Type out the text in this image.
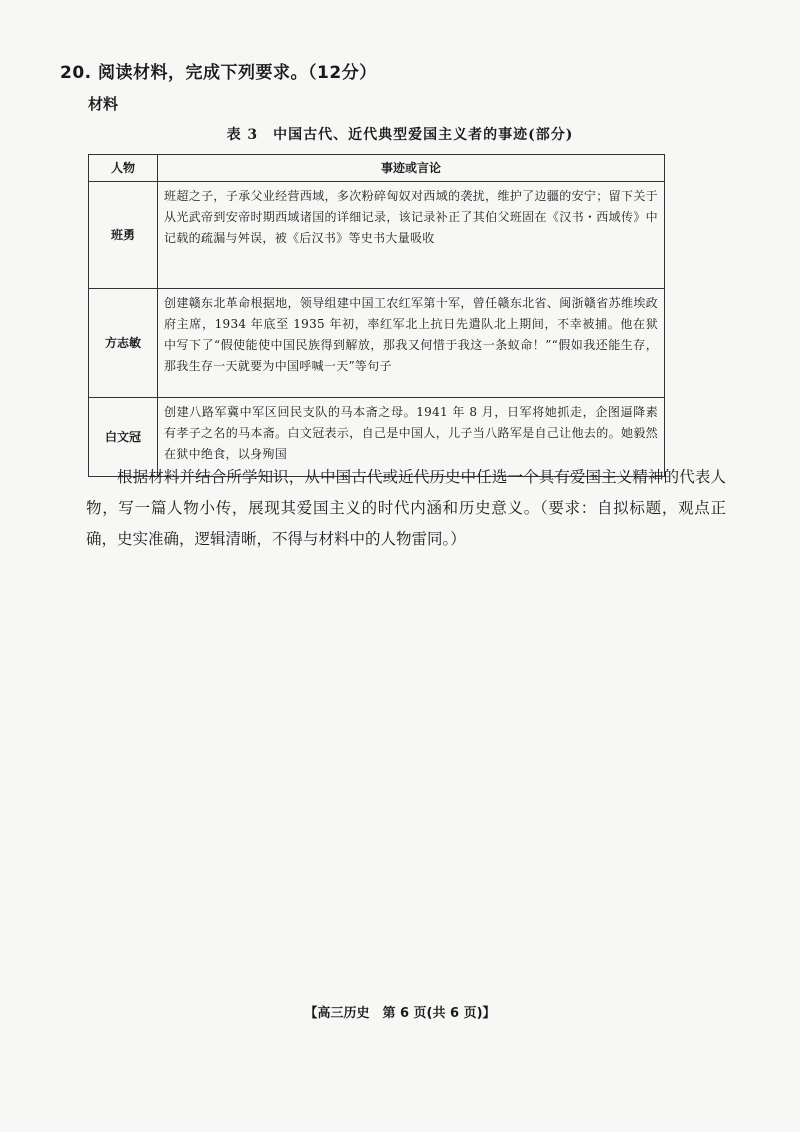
20. 阅读材料，完成下列要求。（12分）
材料
表 3　中国古代、近代典型爱国主义者的事迹(部分)
人物	事迹或言论
班勇	班超之子，子承父业经营西域，多次粉碎匈奴对西域的袭扰，维护了边疆的安宁；留下关于从光武帝到安帝时期西域诸国的详细记录，该记录补正了其伯父班固在《汉书・西域传》中记载的疏漏与舛误，被《后汉书》等史书大量吸收
方志敏	创建赣东北革命根据地，领导组建中国工农红军第十军，曾任赣东北省、闽浙赣省苏维埃政府主席，1934 年底至 1935 年初，率红军北上抗日先遣队北上期间，不幸被捕。他在狱中写下了“假使能使中国民族得到解放，那我又何惜于我这一条蚁命！”“假如我还能生存，那我生存一天就要为中国呼喊一天”等句子
白文冠	创建八路军冀中军区回民支队的马本斋之母。1941 年 8 月，日军将她抓走，企图逼降素有孝子之名的马本斋。白文冠表示，自己是中国人，儿子当八路军是自己让他去的。她毅然在狱中绝食，以身殉国
根据材料并结合所学知识，从中国古代或近代历史中任选一个具有爱国主义精神的代表人物，写一篇人物小传，展现其爱国主义的时代内涵和历史意义。（要求：自拟标题，观点正确，史实准确，逻辑清晰，不得与材料中的人物雷同。）
【高三历史　第 6 页(共 6 页)】
